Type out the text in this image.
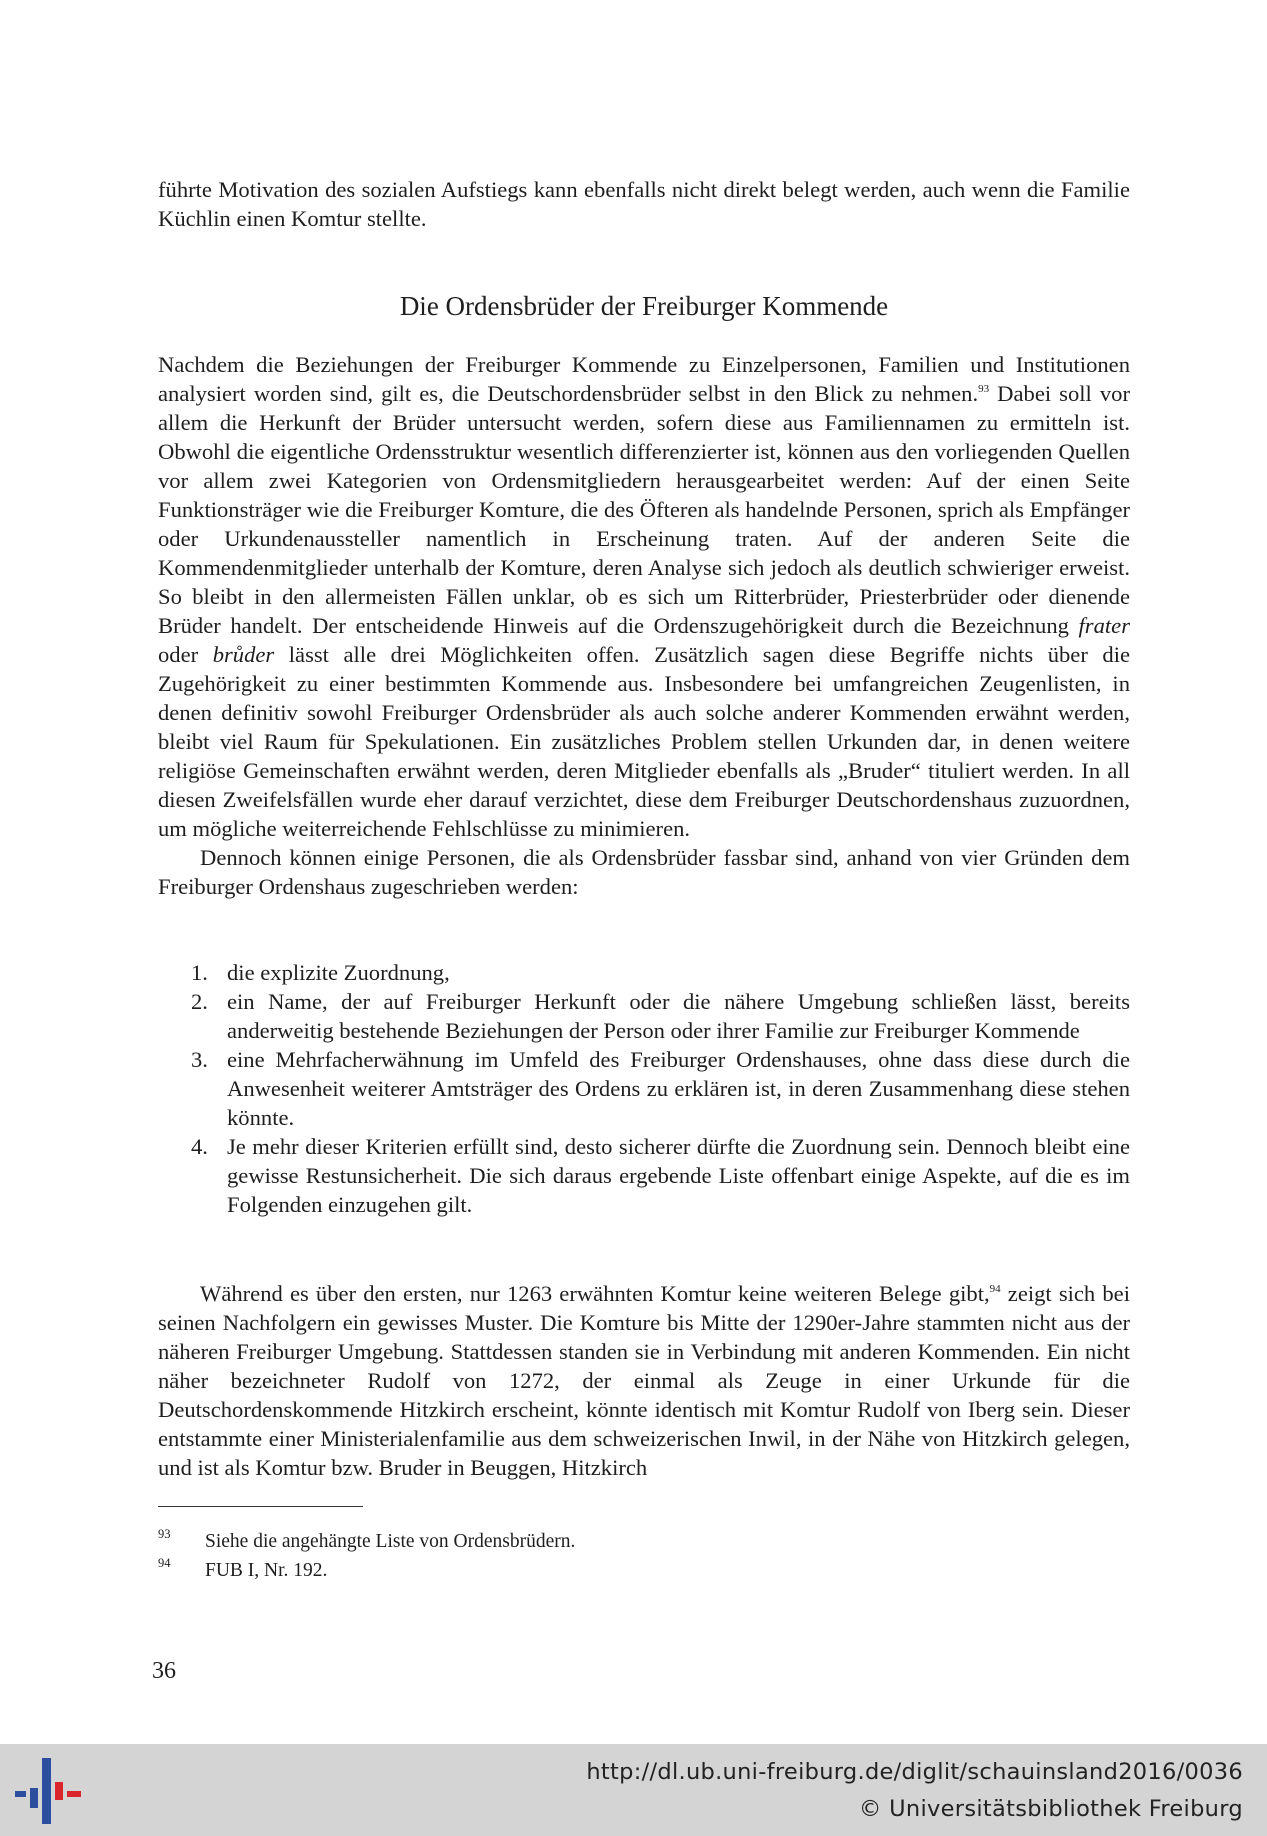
führte Motivation des sozialen Aufstiegs kann ebenfalls nicht direkt belegt werden, auch wenn die Familie Küchlin einen Komtur stellte.

Die Ordensbrüder der Freiburger Kommende

Nachdem die Beziehungen der Freiburger Kommende zu Einzelpersonen, Familien und Institutionen analysiert worden sind, gilt es, die Deutschordensbrüder selbst in den Blick zu nehmen.$^{93}$ Dabei soll vor allem die Herkunft der Brüder untersucht werden, sofern diese aus Familiennamen zu ermitteln ist. Obwohl die eigentliche Ordensstruktur wesentlich differenzierter ist, können aus den vorliegenden Quellen vor allem zwei Kategorien von Ordensmitgliedern herausgearbeitet werden: Auf der einen Seite Funktionsträger wie die Freiburger Komture, die des Öfteren als handelnde Personen, sprich als Empfänger oder Urkundenaussteller namentlich in Erscheinung traten. Auf der anderen Seite die Kommendenmitglieder unterhalb der Komture, deren Analyse sich jedoch als deutlich schwieriger erweist. So bleibt in den allermeisten Fällen unklar, ob es sich um Ritterbrüder, Priesterbrüder oder dienende Brüder handelt. Der entscheidende Hinweis auf die Ordenszugehörigkeit durch die Bezeichnung frater oder brůder lässt alle drei Möglichkeiten offen. Zusätzlich sagen diese Begriffe nichts über die Zugehörigkeit zu einer bestimmten Kommende aus. Insbesondere bei umfangreichen Zeugenlisten, in denen definitiv sowohl Freiburger Ordensbrüder als auch solche anderer Kommenden erwähnt werden, bleibt viel Raum für Spekulationen. Ein zusätzliches Problem stellen Urkunden dar, in denen weitere religiöse Gemeinschaften erwähnt werden, deren Mitglieder ebenfalls als „Bruder“ tituliert werden. In all diesen Zweifelsfällen wurde eher darauf verzichtet, diese dem Freiburger Deutschordenshaus zuzuordnen, um mögliche weiterreichende Fehlschlüsse zu minimieren.

Dennoch können einige Personen, die als Ordensbrüder fassbar sind, anhand von vier Gründen dem Freiburger Ordenshaus zugeschrieben werden:

1. die explizite Zuordnung,
2. ein Name, der auf Freiburger Herkunft oder die nähere Umgebung schließen lässt, bereits anderweitig bestehende Beziehungen der Person oder ihrer Familie zur Freiburger Kommende
3. eine Mehrfacherwähnung im Umfeld des Freiburger Ordenshauses, ohne dass diese durch die Anwesenheit weiterer Amtsträger des Ordens zu erklären ist, in deren Zusammenhang diese stehen könnte.
4. Je mehr dieser Kriterien erfüllt sind, desto sicherer dürfte die Zuordnung sein. Dennoch bleibt eine gewisse Restunsicherheit. Die sich daraus ergebende Liste offenbart einige Aspekte, auf die es im Folgenden einzugehen gilt.

Während es über den ersten, nur 1263 erwähnten Komtur keine weiteren Belege gibt,$^{94}$ zeigt sich bei seinen Nachfolgern ein gewisses Muster. Die Komture bis Mitte der 1290er-Jahre stammten nicht aus der näheren Freiburger Umgebung. Stattdessen standen sie in Verbindung mit anderen Kommenden. Ein nicht näher bezeichneter Rudolf von 1272, der einmal als Zeuge in einer Urkunde für die Deutschordenskommende Hitzkirch erscheint, könnte identisch mit Komtur Rudolf von Iberg sein. Dieser entstammte einer Ministerialenfamilie aus dem schweizerischen Inwil, in der Nähe von Hitzkirch gelegen, und ist als Komtur bzw. Bruder in Beuggen, Hitzkirch

93 Siehe die angehängte Liste von Ordensbrüdern.
94 FUB I, Nr. 192.
36
http://dl.ub.uni-freiburg.de/diglit/schauinsland2016/0036
© Universitätsbibliothek Freiburg
